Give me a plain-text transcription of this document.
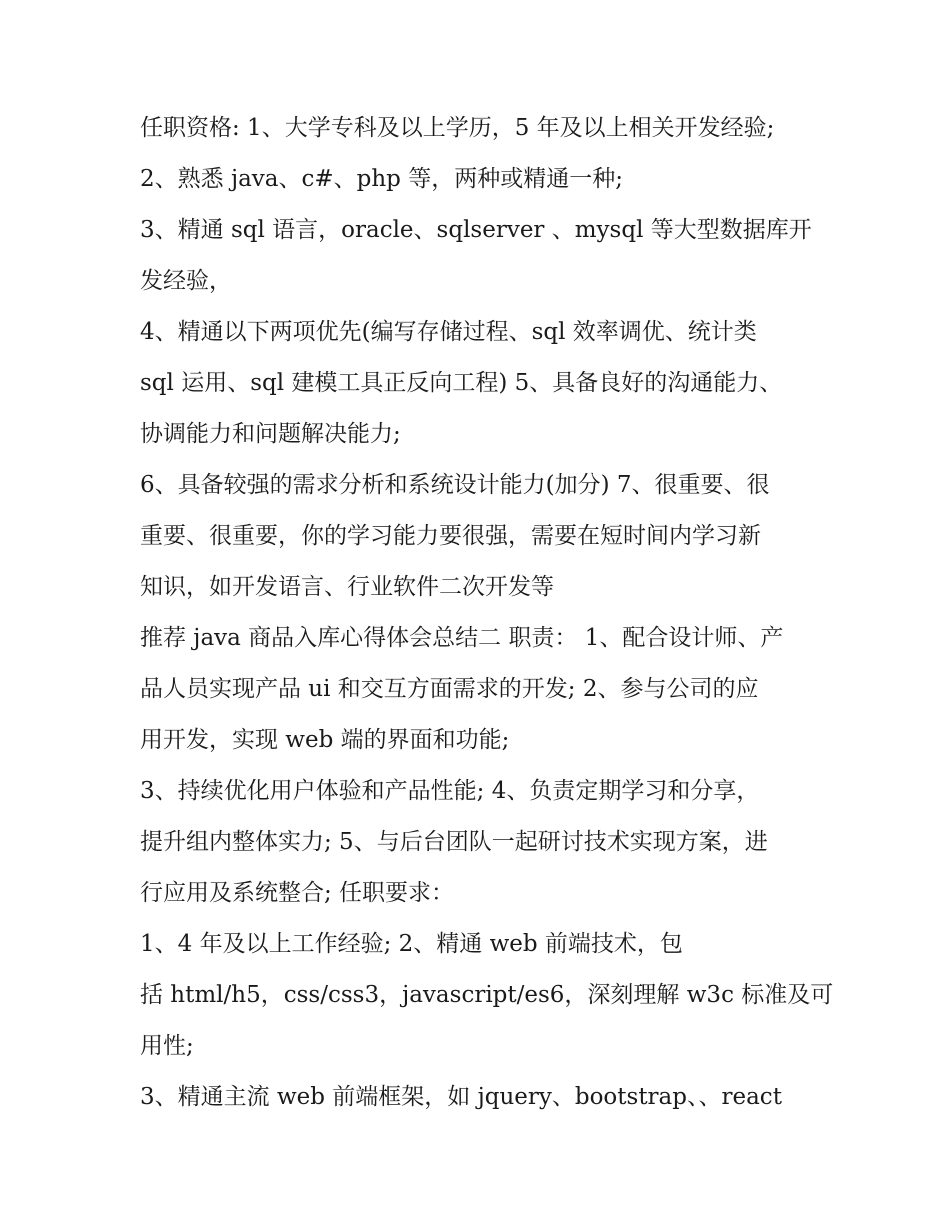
任职资格: 1、大学专科及以上学历，5 年及以上相关开发经验;
2、熟悉 java、c#、php 等，两种或精通一种;
3、精通 sql 语言，oracle、sqlserver 、mysql 等大型数据库开
发经验，
4、精通以下两项优先(编写存储过程、sql 效率调优、统计类
sql 运用、sql 建模工具正反向工程) 5、具备良好的沟通能力、
协调能力和问题解决能力;
6、具备较强的需求分析和系统设计能力(加分) 7、很重要、很
重要、很重要，你的学习能力要很强，需要在短时间内学习新
知识，如开发语言、行业软件二次开发等
推荐 java 商品入库心得体会总结二 职责： 1、配合设计师、产
品人员实现产品 ui 和交互方面需求的开发; 2、参与公司的应
用开发，实现 web 端的界面和功能;
3、持续优化用户体验和产品性能; 4、负责定期学习和分享，
提升组内整体实力; 5、与后台团队一起研讨技术实现方案，进
行应用及系统整合; 任职要求：
1、4 年及以上工作经验; 2、精通 web 前端技术，包
括 html/h5，css/css3，javascript/es6，深刻理解 w3c 标准及可
用性;
3、精通主流 web 前端框架，如 jquery、bootstrap、、react
